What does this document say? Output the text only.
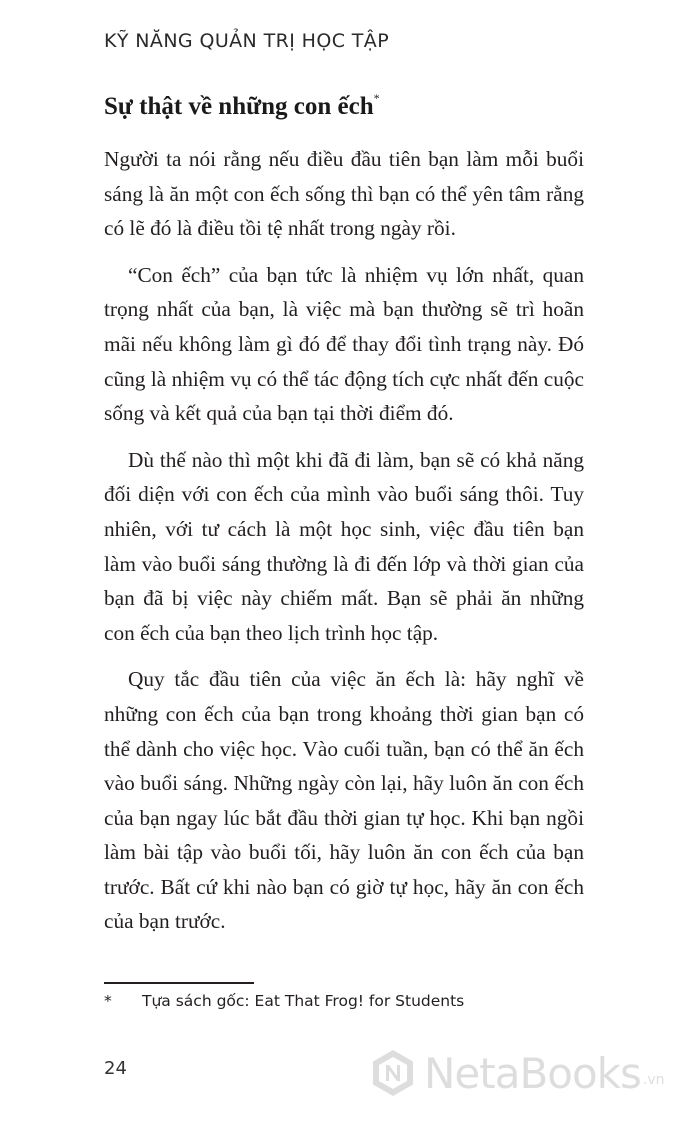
KỸ NĂNG QUẢN TRỊ HỌC TẬP
Sự thật về những con ếch*

Người ta nói rằng nếu điều đầu tiên bạn làm mỗi buổi sáng là ăn một con ếch sống thì bạn có thể yên tâm rằng có lẽ đó là điều tồi tệ nhất trong ngày rồi.

“Con ếch” của bạn tức là nhiệm vụ lớn nhất, quan trọng nhất của bạn, là việc mà bạn thường sẽ trì hoãn mãi nếu không làm gì đó để thay đổi tình trạng này. Đó cũng là nhiệm vụ có thể tác động tích cực nhất đến cuộc sống và kết quả của bạn tại thời điểm đó.

Dù thế nào thì một khi đã đi làm, bạn sẽ có khả năng đối diện với con ếch của mình vào buổi sáng thôi. Tuy nhiên, với tư cách là một học sinh, việc đầu tiên bạn làm vào buổi sáng thường là đi đến lớp và thời gian của bạn đã bị việc này chiếm mất. Bạn sẽ phải ăn những con ếch của bạn theo lịch trình học tập.

Quy tắc đầu tiên của việc ăn ếch là: hãy nghĩ về những con ếch của bạn trong khoảng thời gian bạn có thể dành cho việc học. Vào cuối tuần, bạn có thể ăn ếch vào buổi sáng. Những ngày còn lại, hãy luôn ăn con ếch của bạn ngay lúc bắt đầu thời gian tự học. Khi bạn ngồi làm bài tập vào buổi tối, hãy luôn ăn con ếch của bạn trước. Bất cứ khi nào bạn có giờ tự học, hãy ăn con ếch của bạn trước.

* Tựa sách gốc: Eat That Frog! for Students
24	NetaBooks .vn
